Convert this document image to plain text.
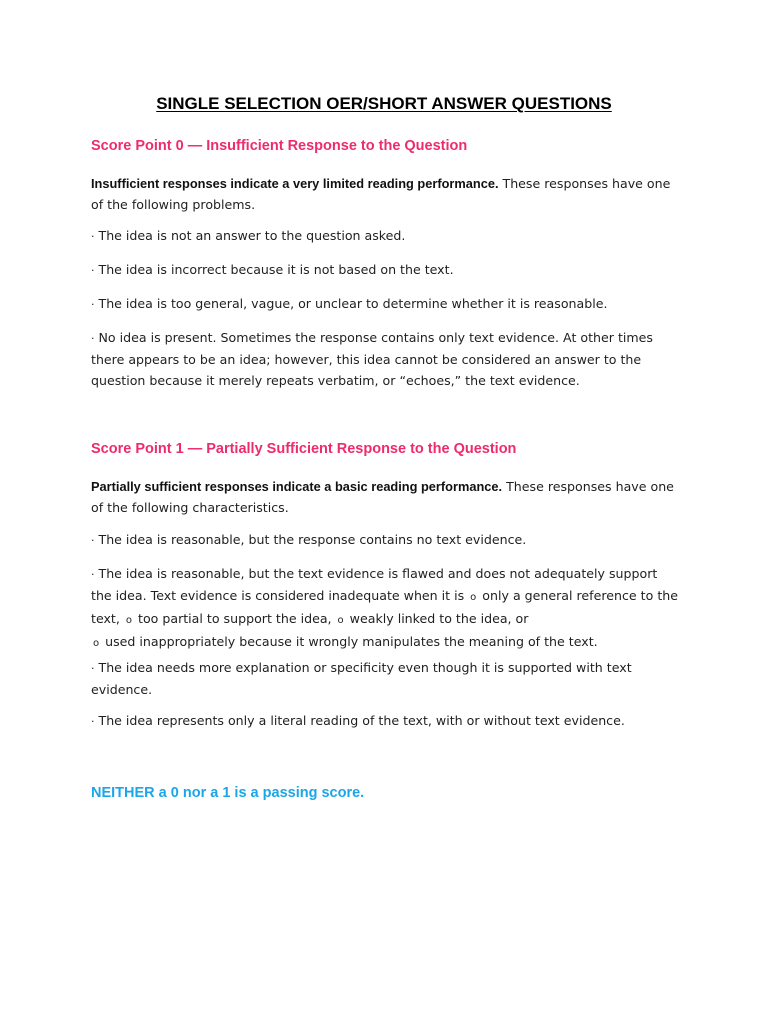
SINGLE SELECTION OER/SHORT ANSWER QUESTIONS
Score Point 0 — Insufficient Response to the Question
Insufficient responses indicate a very limited reading performance. These responses have one of the following problems.
· The idea is not an answer to the question asked.
· The idea is incorrect because it is not based on the text.
· The idea is too general, vague, or unclear to determine whether it is reasonable.
· No idea is present. Sometimes the response contains only text evidence. At other times there appears to be an idea; however, this idea cannot be considered an answer to the question because it merely repeats verbatim, or “echoes,” the text evidence.
Score Point 1 — Partially Sufficient Response to the Question
Partially sufficient responses indicate a basic reading performance. These responses have one of the following characteristics.
· The idea is reasonable, but the response contains no text evidence.
· The idea is reasonable, but the text evidence is flawed and does not adequately support the idea. Text evidence is considered inadequate when it is o only a general reference to the text, o too partial to support the idea, o weakly linked to the idea, or
o used inappropriately because it wrongly manipulates the meaning of the text.
· The idea needs more explanation or specificity even though it is supported with text evidence.
· The idea represents only a literal reading of the text, with or without text evidence.
NEITHER a 0 nor a 1 is a passing score.
